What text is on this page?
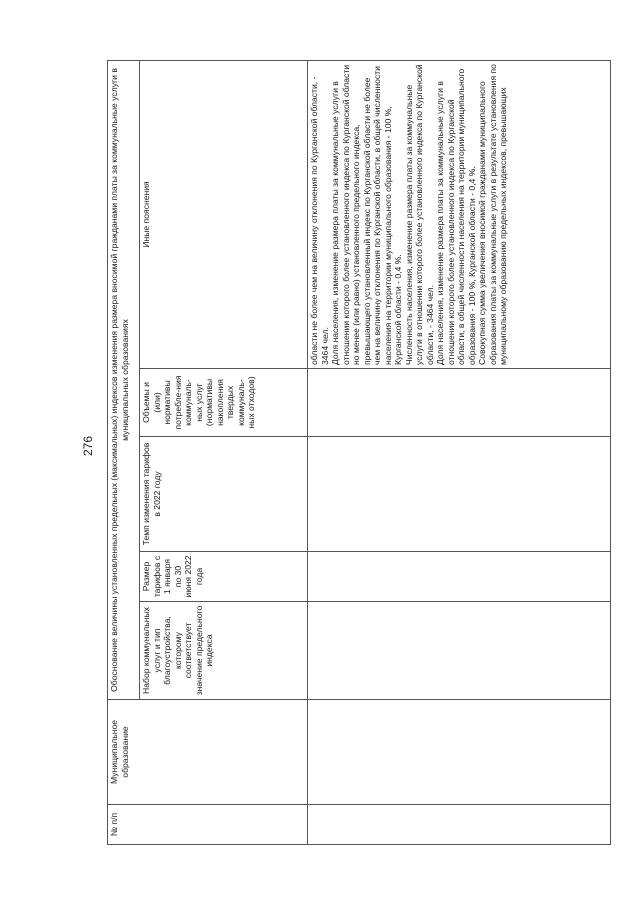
276
№ п/п	Муниципальное образование	Обоснование величины установленных предельных (максимальных) индексов изменения размера вносимой гражданами платы за коммунальные услуги в муниципальных образованиях				
		Набор коммунальных услуг и тип благоустройства, которому соответствует значение предельного индекса	Размер тарифов с 1 января по 30 июня 2022 года	Темп изменения тарифов в 2022 году	Объемы и (или) нормативы потребле-ния коммуналь-ных услуг (нормативы накопления твердых коммуналь-ных отходов)	Иные пояснения

						области не более чем на величину отклонения по Курганской области, - 3464 чел. Доля населения, изменение размера платы за коммунальные услуги в отношении которого более установленного индекса по Курганской области но менее (или равно) установленного предельного индекса, превышающего установленный индекс по Курганской области не более чем на величину отклонения по Курганской области, в общей численности населения на территории муниципального образования - 100 %, Курганской области - 0,4 %. Численность населения, изменение размера платы за коммунальные услуги в отношении которого более установленного индекса по Курганской области, - 3464 чел. Доля населения, изменение размера платы за коммунальные услуги в отношении которого более установленного индекса по Курганской области, в общей численности населения на территории муниципального образования - 100 %, Курганской области - 0,4 %. Совокупная сумма увеличения вносимой гражданами муниципального образования платы за коммунальные услуги в результате установления по муниципальному образованию предельных индексов, превышающих
